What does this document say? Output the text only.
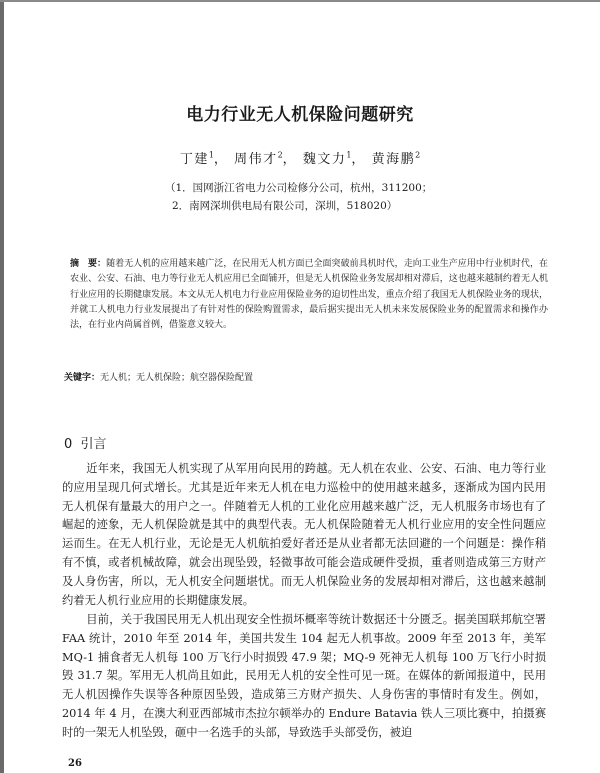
电力行业无人机保险问题研究
丁建$^1$， 周伟才$^2$， 魏文力$^1$， 黄海鹏$^2$
（1．国网浙江省电力公司检修分公司，杭州，311200；
2．南网深圳供电局有限公司，深圳，518020）
摘　要：随着无人机的应用越来越广泛，在民用无人机方面已全面突破前具机时代，走向工业生产应用中行业机时代，在农业、公安、石油、电力等行业无人机应用已全面铺开，但是无人机保险业务发展却相对滞后，这也越来越制约着无人机行业应用的长期健康发展。本文从无人机电力行业应用保险业务的迫切性出发，重点介绍了我国无人机保险业务的现状，并就工人机电力行业发展提出了有针对性的保险购置需求，最后据实提出无人机未来发展保险业务的配置需求和操作办法，在行业内尚属首例，借鉴意义较大。
关键字：无人机；无人机保险；航空器保险配置
0 引言
近年来，我国无人机实现了从军用向民用的跨越。无人机在农业、公安、石油、电力等行业的应用呈现几何式增长。尤其是近年来无人机在电力巡检中的使用越来越多，逐渐成为国内民用无人机保有量最大的用户之一。伴随着无人机的工业化应用越来越广泛，无人机服务市场也有了崛起的迹象，无人机保险就是其中的典型代表。无人机保险随着无人机行业应用的安全性问题应运而生。在无人机行业，无论是无人机航拍爱好者还是从业者都无法回避的一个问题是：操作稍有不慎，或者机械故障，就会出现坠毁，轻微事故可能会造成硬件受损，重者则造成第三方财产及人身伤害，所以，无人机安全问题堪忧。而无人机保险业务的发展却相对滞后，这也越来越制约着无人机行业应用的长期健康发展。
目前，关于我国民用无人机出现安全性损坏概率等统计数据还十分匮乏。据美国联邦航空署 FAA 统计，2010 年至 2014 年，美国共发生 104 起无人机事故。2009 年至 2013 年，美军 MQ-1 捕食者无人机每 100 万飞行小时损毁 47.9 架；MQ-9 死神无人机每 100 万飞行小时损毁 31.7 架。军用无人机尚且如此，民用无人机的安全性可见一斑。在媒体的新闻报道中，民用无人机因操作失误等各种原因坠毁，造成第三方财产损失、人身伤害的事情时有发生。例如，2014 年 4 月，在澳大利亚西部城市杰拉尔顿举办的 Endure Batavia 铁人三项比赛中，拍摄赛时的一架无人机坠毁，砸中一名选手的头部，导致选手头部受伤，被迫
26
